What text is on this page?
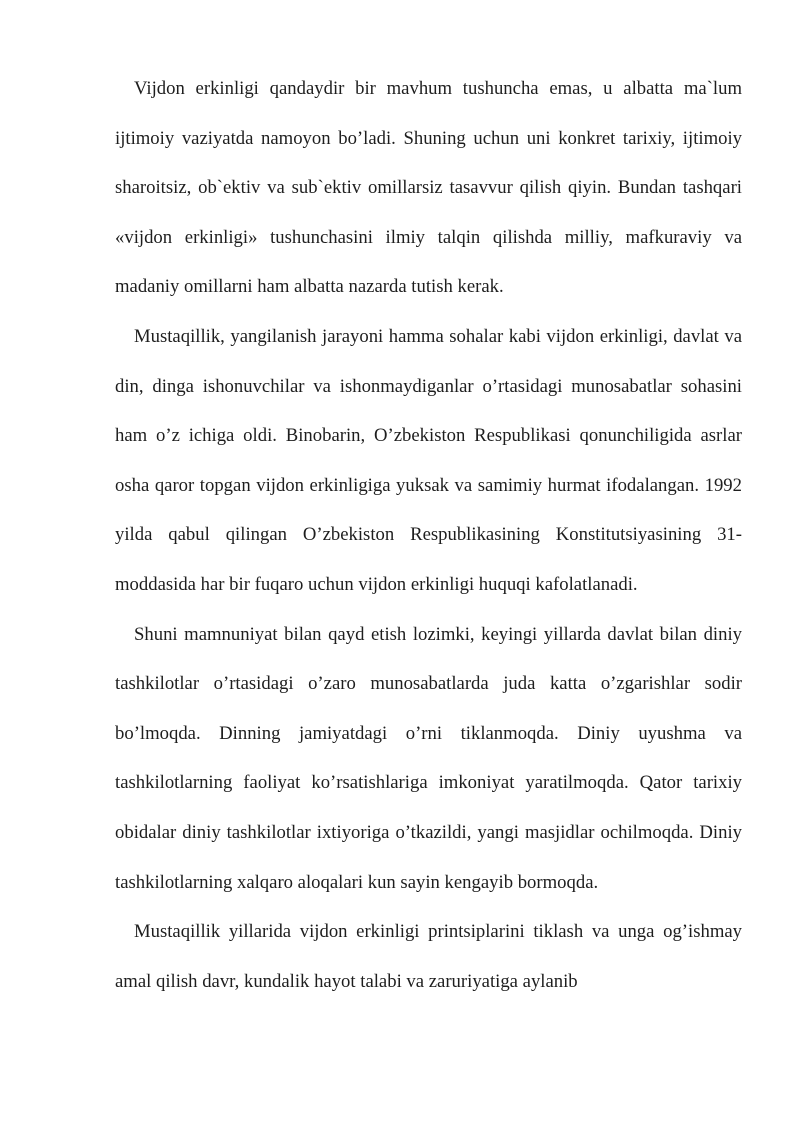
Vijdon erkinligi qandaydir bir mavhum tushuncha emas, u albatta ma`lum ijtimoiy vaziyatda namoyon bo’ladi. Shuning uchun uni konkret tarixiy, ijtimoiy sharoitsiz, ob`ektiv va sub`ektiv omillarsiz tasavvur qilish qiyin. Bundan tashqari «vijdon erkinligi» tushunchasini ilmiy talqin qilishda milliy, mafkuraviy va madaniy omillarni ham albatta nazarda tutish kerak.

Mustaqillik, yangilanish jarayoni hamma sohalar kabi vijdon erkinligi, davlat va din, dinga ishonuvchilar va ishonmaydiganlar o’rtasidagi munosabatlar sohasini ham o’z ichiga oldi. Binobarin, O’zbekiston Respublikasi qonunchiligida asrlar osha qaror topgan vijdon erkinligiga yuksak va samimiy hurmat ifodalangan. 1992 yilda qabul qilingan O’zbekiston Respublikasining Konstitutsiyasining 31-moddasida har bir fuqaro uchun vijdon erkinligi huquqi kafolatlanadi.

Shuni mamnuniyat bilan qayd etish lozimki, keyingi yillarda davlat bilan diniy tashkilotlar o’rtasidagi o’zaro munosabatlarda juda katta o’zgarishlar sodir bo’lmoqda. Dinning jamiyatdagi o’rni tiklanmoqda. Diniy uyushma va tashkilotlarning faoliyat ko’rsatishlariga imkoniyat yaratilmoqda. Qator tarixiy obidalar diniy tashkilotlar ixtiyoriga o’tkazildi, yangi masjidlar ochilmoqda. Diniy tashkilotlarning xalqaro aloqalari kun sayin kengayib bormoqda.

Mustaqillik yillarida vijdon erkinligi printsiplarini tiklash va unga og’ishmay amal qilish davr, kundalik hayot talabi va zaruriyatiga aylanib
